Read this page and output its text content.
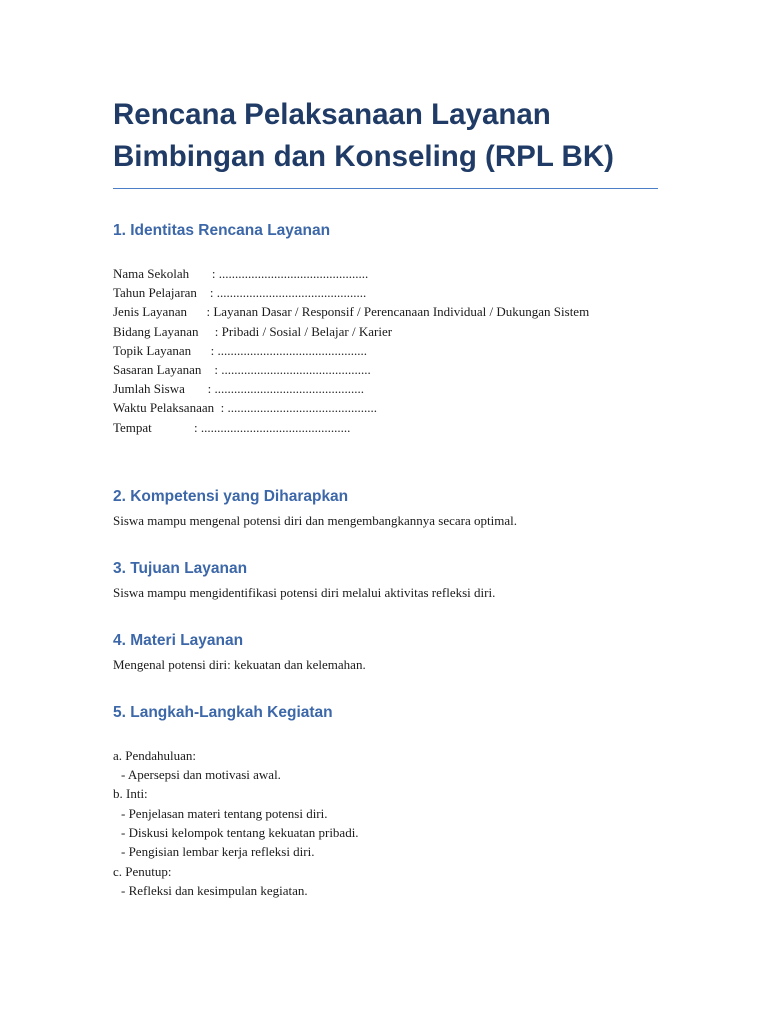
Rencana Pelaksanaan Layanan
Bimbingan dan Konseling (RPL BK)
1. Identitas Rencana Layanan
Nama Sekolah       : ..............................................
Tahun Pelajaran    : ..............................................
Jenis Layanan      : Layanan Dasar / Responsif / Perencanaan Individual / Dukungan Sistem
Bidang Layanan     : Pribadi / Sosial / Belajar / Karier
Topik Layanan      : ..............................................
Sasaran Layanan    : ..............................................
Jumlah Siswa       : ..............................................
Waktu Pelaksanaan  : ..............................................
Tempat             : ..............................................
2. Kompetensi yang Diharapkan
Siswa mampu mengenal potensi diri dan mengembangkannya secara optimal.
3. Tujuan Layanan
Siswa mampu mengidentifikasi potensi diri melalui aktivitas refleksi diri.
4. Materi Layanan
Mengenal potensi diri: kekuatan dan kelemahan.
5. Langkah-Langkah Kegiatan
a. Pendahuluan:
- Apersepsi dan motivasi awal.
b. Inti:
- Penjelasan materi tentang potensi diri.
- Diskusi kelompok tentang kekuatan pribadi.
- Pengisian lembar kerja refleksi diri.
c. Penutup:
- Refleksi dan kesimpulan kegiatan.
